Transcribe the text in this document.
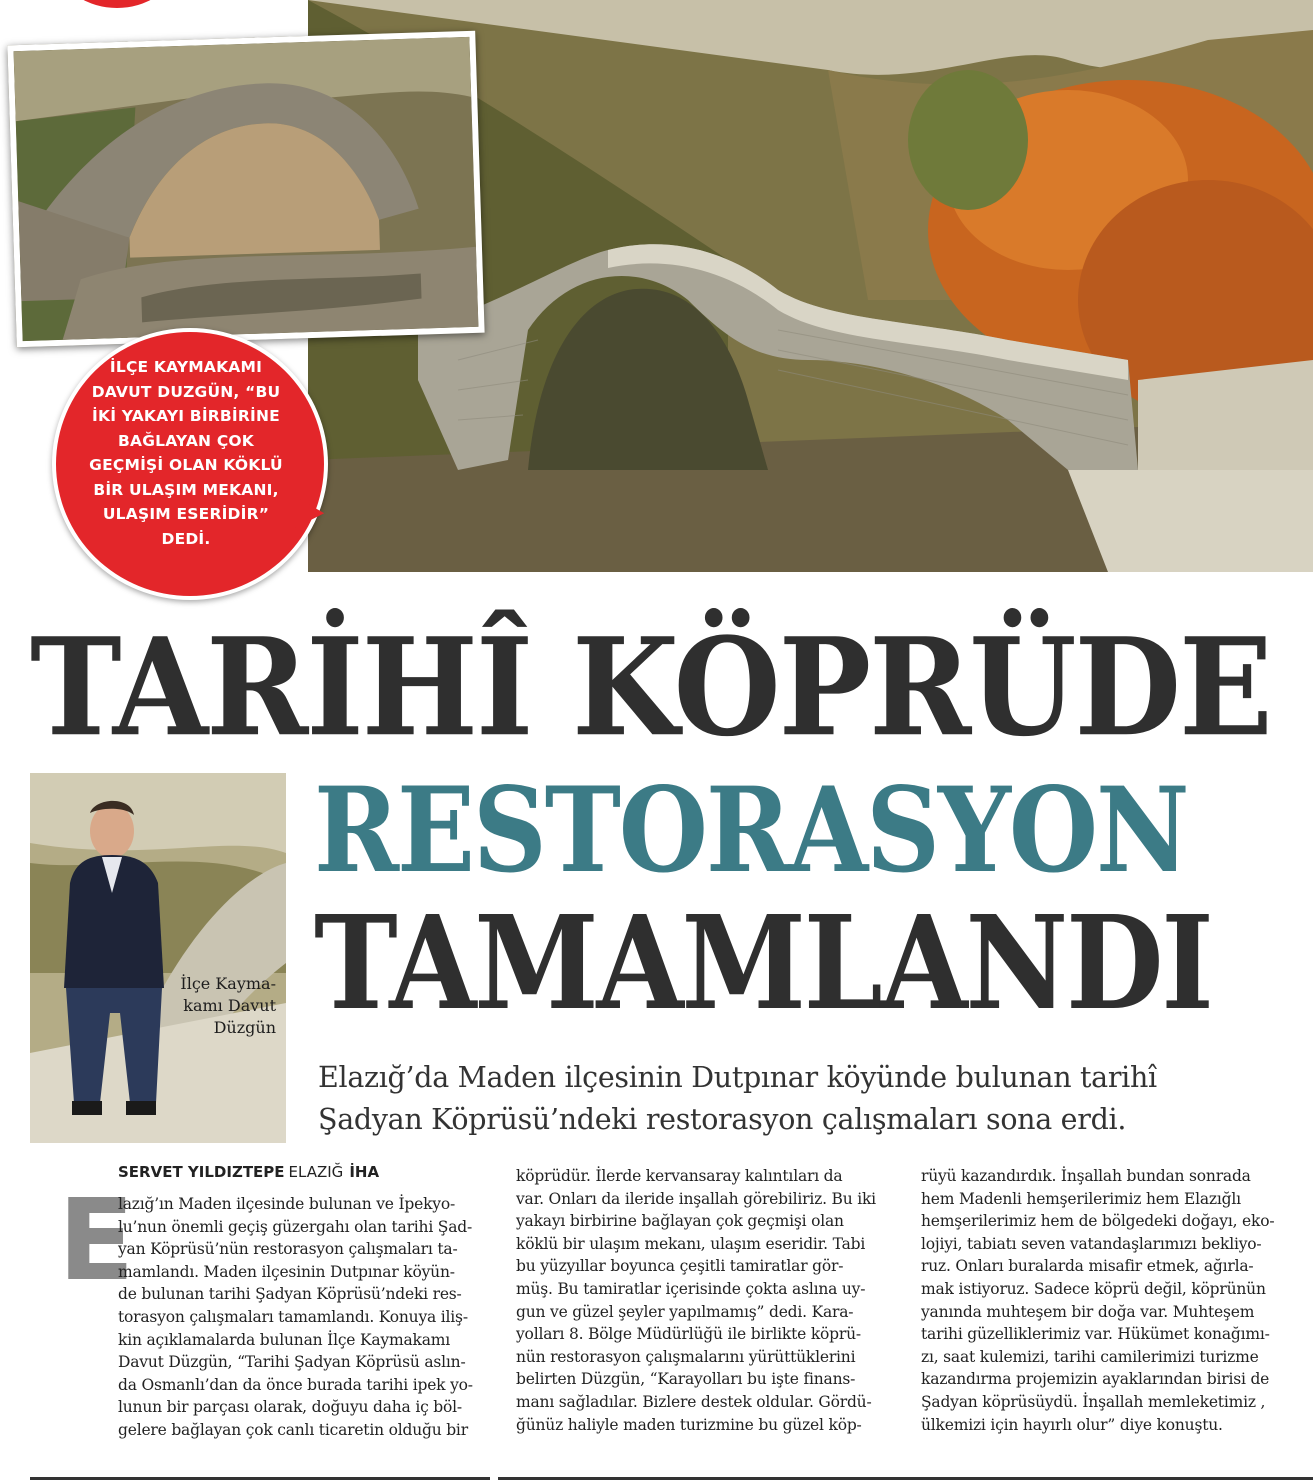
İLÇE KAYMAKAMI
DAVUT DUZGÜN, “BU
İKİ YAKAYI BİRBİRİNE
BAĞLAYAN ÇOK
GEÇMİŞİ OLAN KÖKLÜ
BİR ULAŞIM MEKANI,
ULAŞIM ESERİDİR”
DEDİ.
TARİHÎ KÖPRÜDE
RESTORASYON
TAMAMLANDI
İlçe Kayma-
kamı Davut
Düzgün
Elazığ’da Maden ilçesinin Dutpınar köyünde bulunan tarihî
Şadyan Köprüsü’ndeki restorasyon çalışmaları sona erdi.
SERVET YILDIZTEPE ELAZIĞ İHA
E
lazığ’ın Maden ilçesinde bulunan ve İpekyo-
lu’nun önemli geçiş güzergahı olan tarihi Şad-
yan Köprüsü’nün restorasyon çalışmaları ta-
mamlandı. Maden ilçesinin Dutpınar köyün-
de bulunan tarihi Şadyan Köprüsü’ndeki res-
torasyon çalışmaları tamamlandı. Konuya iliş-
kin açıklamalarda bulunan İlçe Kaymakamı
Davut Düzgün, “Tarihi Şadyan Köprüsü aslın-
da Osmanlı’dan da önce burada tarihi ipek yo-
lunun bir parçası olarak, doğuyu daha iç böl-
gelere bağlayan çok canlı ticaretin olduğu bir
köprüdür. İlerde kervansaray kalıntıları da
var. Onları da ileride inşallah görebiliriz. Bu iki
yakayı birbirine bağlayan çok geçmişi olan
köklü bir ulaşım mekanı, ulaşım eseridir. Tabi
bu yüzyıllar boyunca çeşitli tamiratlar gör-
müş. Bu tamiratlar içerisinde çokta aslına uy-
gun ve güzel şeyler yapılmamış” dedi. Kara-
yolları 8. Bölge Müdürlüğü ile birlikte köprü-
nün restorasyon çalışmalarını yürüttüklerini
belirten Düzgün, “Karayolları bu işte finans-
manı sağladılar. Bizlere destek oldular. Gördü-
ğünüz haliyle maden turizmine bu güzel köp-
rüyü kazandırdık. İnşallah bundan sonrada
hem Madenli hemşerilerimiz hem Elazığlı
hemşerilerimiz hem de bölgedeki doğayı, eko-
lojiyi, tabiatı seven vatandaşlarımızı bekliyo-
ruz. Onları buralarda misafir etmek, ağırla-
mak istiyoruz. Sadece köprü değil, köprünün
yanında muhteşem bir doğa var. Muhteşem
tarihi güzelliklerimiz var. Hükümet konağımı-
zı, saat kulemizi, tarihi camilerimizi turizme
kazandırma projemizin ayaklarından birisi de
Şadyan köprüsüydü. İnşallah memleketimiz ,
ülkemizi için hayırlı olur” diye konuştu.
